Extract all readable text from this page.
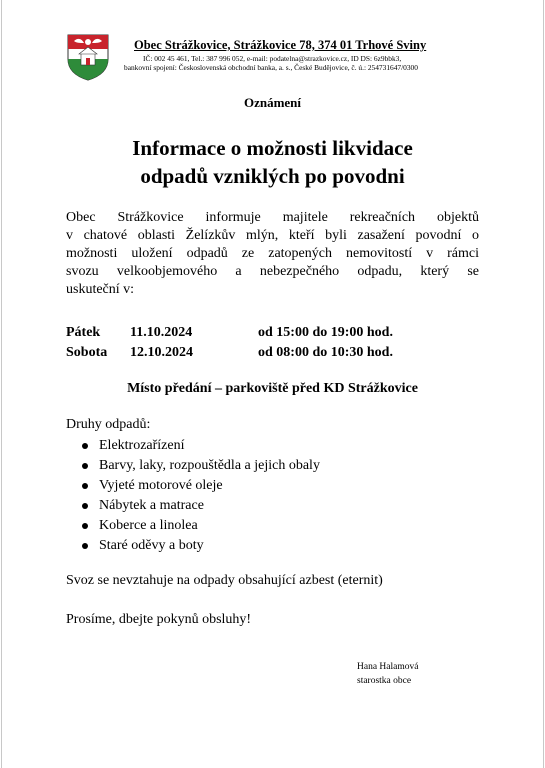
Obec Strážkovice, Strážkovice 78, 374 01 Trhové Sviny
IČ: 002 45 461, Tel.: 387 996 052, e-mail: podatelna@strazkovice.cz, ID DS: 6z9bbk3,
bankovní spojení: Československá obchodní banka, a. s., České Budějovice, č. ú.: 254731647/0300
Oznámení
Informace o možnosti likvidace
odpadů vzniklých po povodni
Obec Strážkovice informuje majitele rekreačních objektů
v chatové oblasti Želízkův mlýn, kteří byli zasažení povodní o
možnosti uložení odpadů ze zatopených nemovitostí v rámci
svozu velkoobjemového a nebezpečného odpadu, který se
uskuteční v:
Pátek 11.10.2024	od 15:00 do 19:00 hod.
Sobota 12.10.2024	od 08:00 do 10:30 hod.
Místo předání – parkoviště před KD Strážkovice
Druhy odpadů:
Elektrozařízení
Barvy, laky, rozpouštědla a jejich obaly
Vyjeté motorové oleje
Nábytek a matrace
Koberce a linolea
Staré oděvy a boty
Svoz se nevztahuje na odpady obsahující azbest (eternit)
Prosíme, dbejte pokynů obsluhy!
Hana Halamová
starostka obce
